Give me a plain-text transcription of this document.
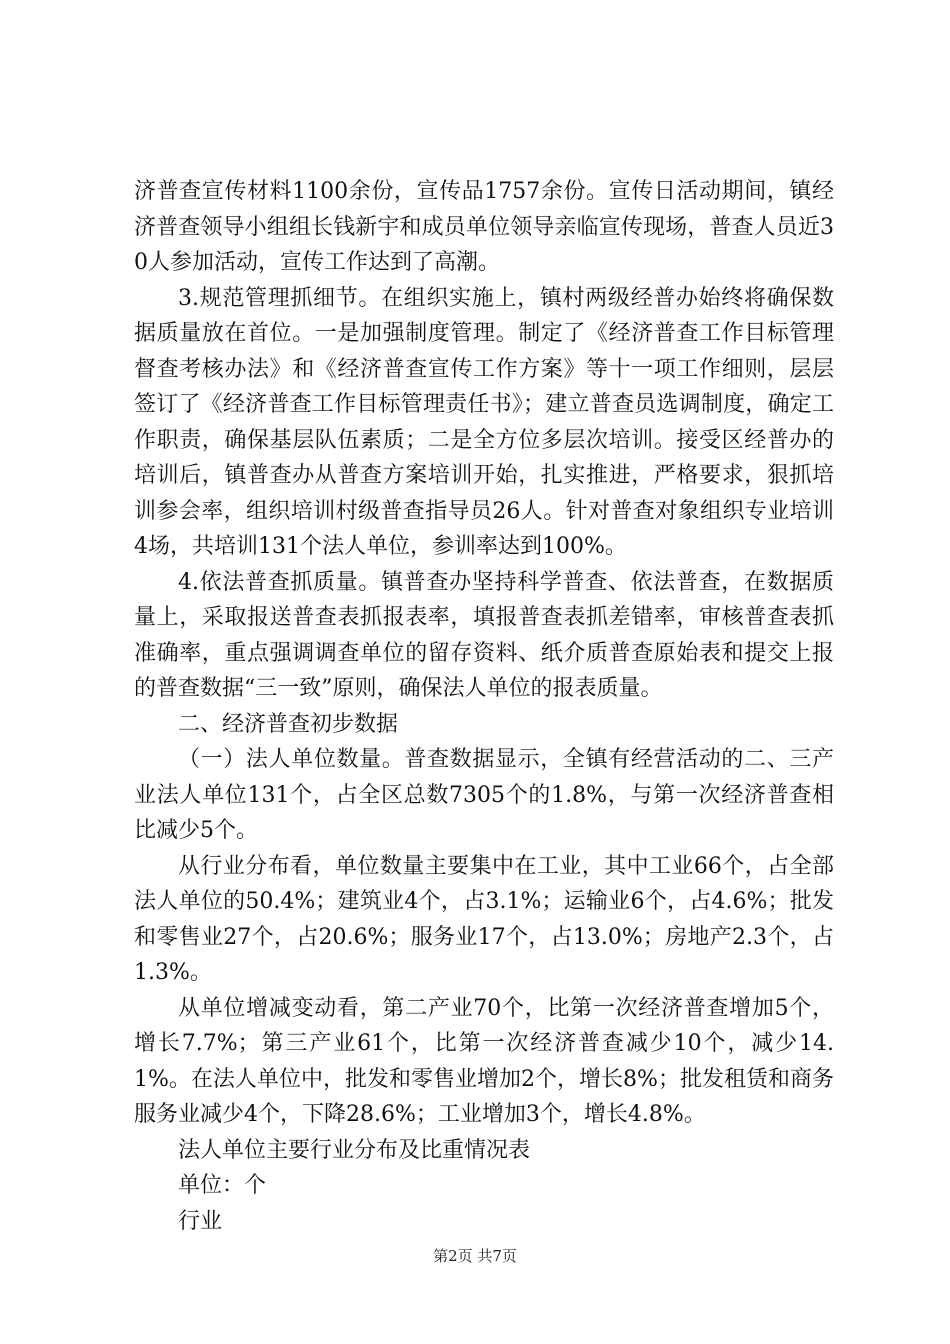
济普查宣传材料1100余份，宣传品1757余份。宣传日活动期间，镇经济普查领导小组组长钱新宇和成员单位领导亲临宣传现场，普查人员近30人参加活动，宣传工作达到了高潮。

3.规范管理抓细节。在组织实施上，镇村两级经普办始终将确保数据质量放在首位。一是加强制度管理。制定了《经济普查工作目标管理督查考核办法》和《经济普查宣传工作方案》等十一项工作细则，层层签订了《经济普查工作目标管理责任书》；建立普查员选调制度，确定工作职责，确保基层队伍素质；二是全方位多层次培训。接受区经普办的培训后，镇普查办从普查方案培训开始，扎实推进，严格要求，狠抓培训参会率，组织培训村级普查指导员26人。针对普查对象组织专业培训4场，共培训131个法人单位，参训率达到100%。

4.依法普查抓质量。镇普查办坚持科学普查、依法普查，在数据质量上，采取报送普查表抓报表率，填报普查表抓差错率，审核普查表抓准确率，重点强调调查单位的留存资料、纸介质普查原始表和提交上报的普查数据“三一致”原则，确保法人单位的报表质量。

二、经济普查初步数据

（一）法人单位数量。普查数据显示，全镇有经营活动的二、三产业法人单位131个，占全区总数7305个的1.8%，与第一次经济普查相比减少5个。

从行业分布看，单位数量主要集中在工业，其中工业66个，占全部法人单位的50.4%；建筑业4个，占3.1%；运输业6个，占4.6%；批发和零售业27个，占20.6%；服务业17个，占13.0%；房地产2.3个，占1.3%。

从单位增减变动看，第二产业70个，比第一次经济普查增加5个，增长7.7%；第三产业61个，比第一次经济普查减少10个，减少14.1%。在法人单位中，批发和零售业增加2个，增长8%；批发租赁和商务服务业减少4个，下降28.6%；工业增加3个，增长4.8%。

法人单位主要行业分布及比重情况表

单位：个

行业

第2页 共7页
